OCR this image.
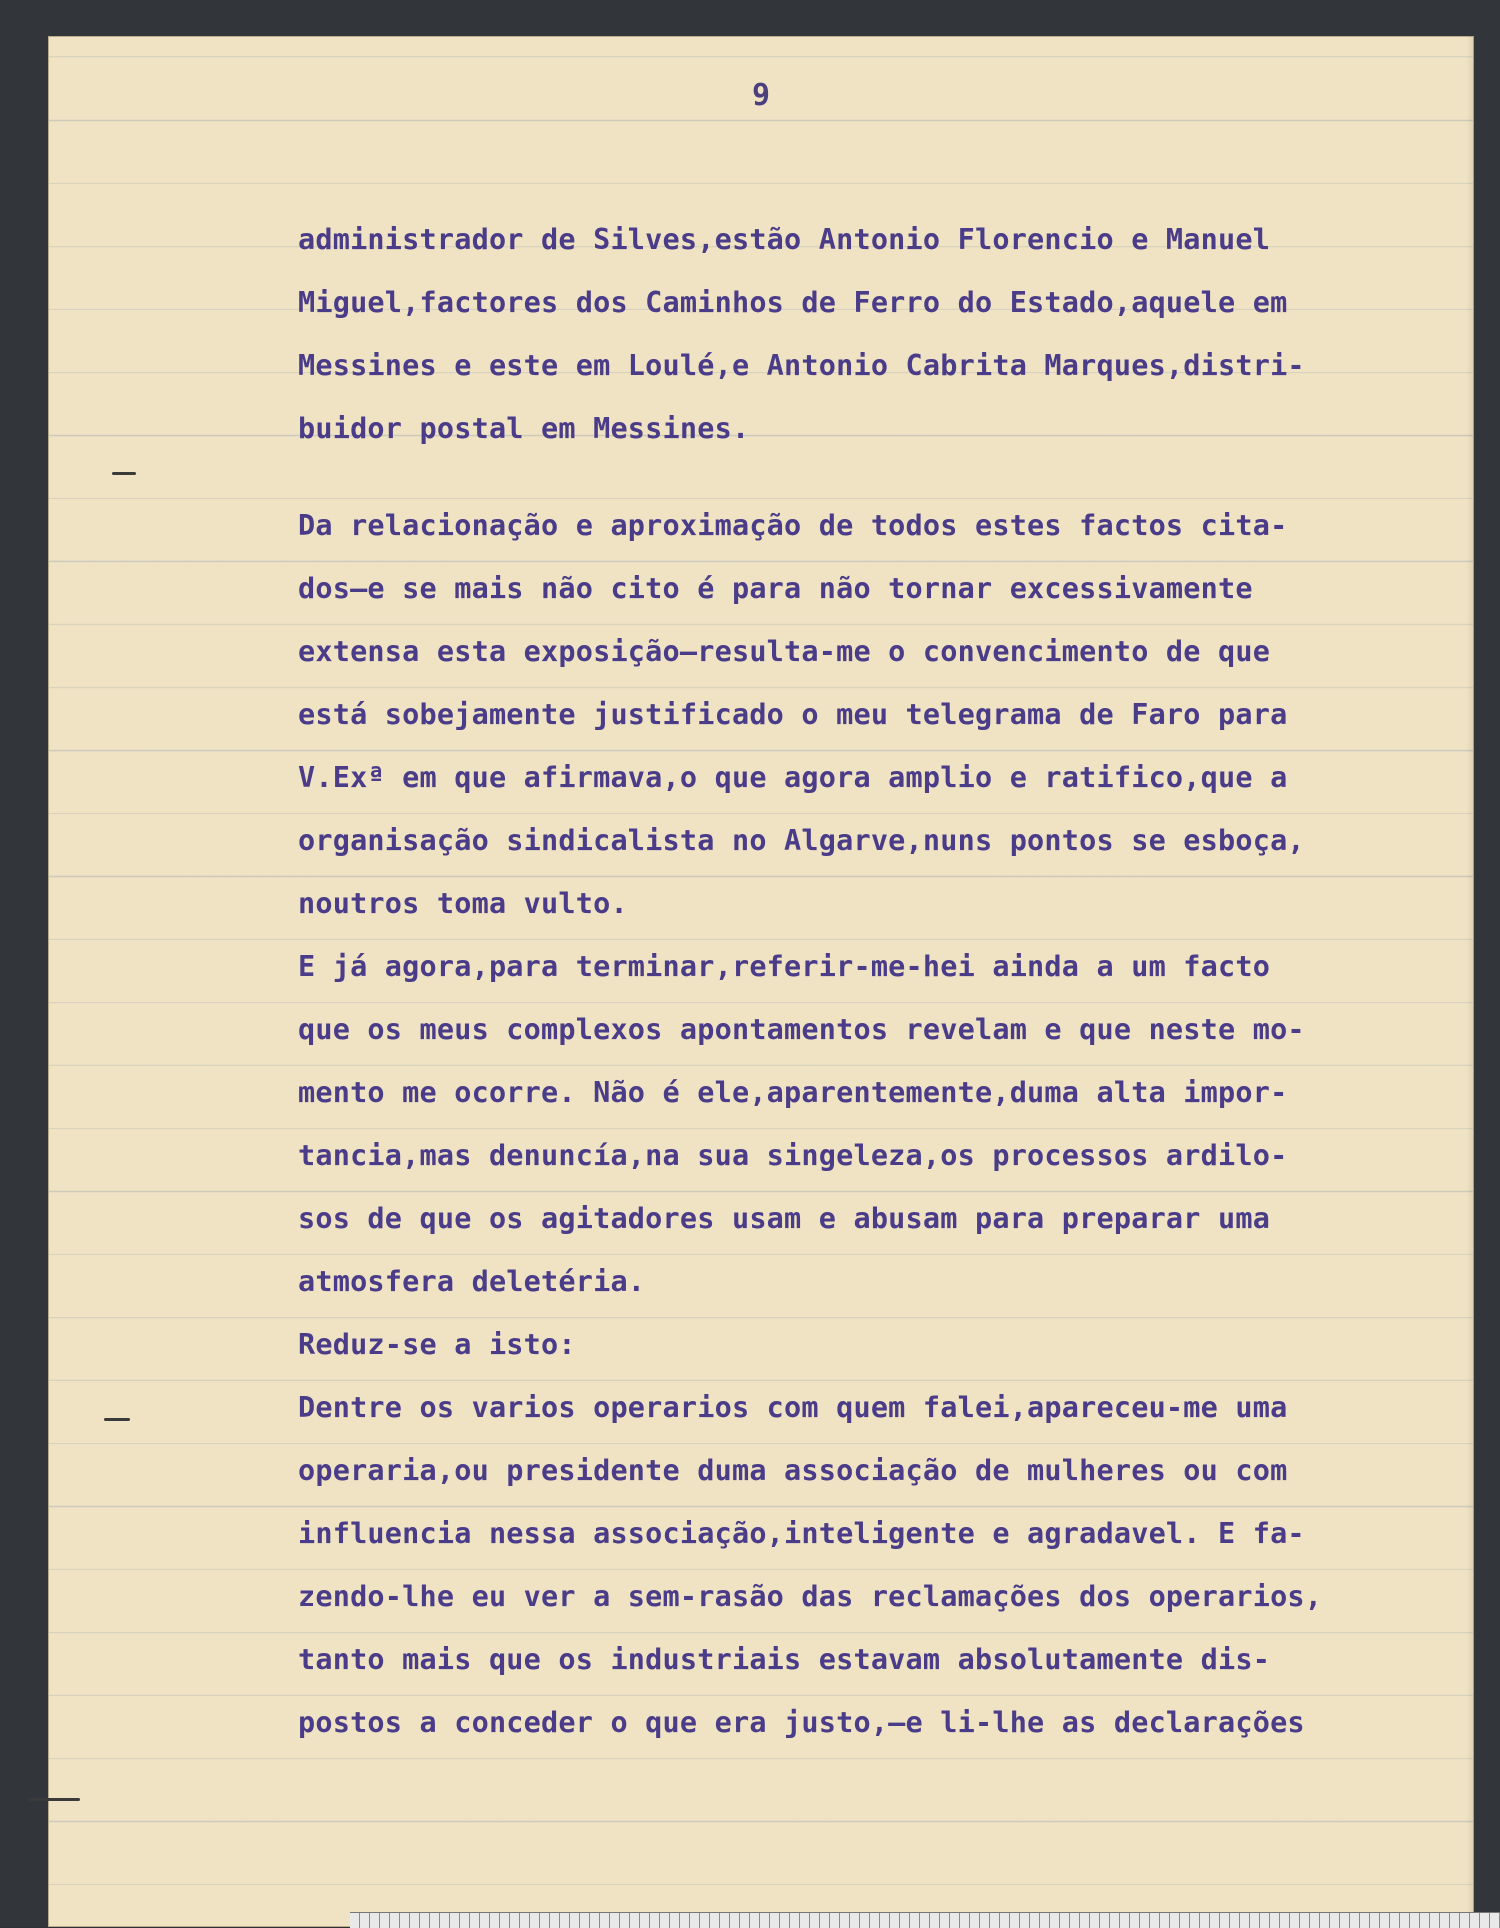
9
administrador de Silves,estão Antonio Florencio e Manuel
Miguel,factores dos Caminhos de Ferro do Estado,aquele em
Messines e este em Loulé,e Antonio Cabrita Marques,distri-
buidor postal em Messines.
Da relacionação e aproximação de todos estes factos cita-
dos—e se mais não cito é para não tornar excessivamente
extensa esta exposição—resulta-me o convencimento de que
está sobejamente justificado o meu telegrama de Faro para
V.Exª em que afirmava,o que agora amplio e ratifico,que a
organisação sindicalista no Algarve,nuns pontos se esboça,
noutros toma vulto.
E já agora,para terminar,referir-me-hei ainda a um facto
que os meus complexos apontamentos revelam e que neste mo-
mento me ocorre. Não é ele,aparentemente,duma alta impor-
tancia,mas denuncía,na sua singeleza,os processos ardilo-
sos de que os agitadores usam e abusam para preparar uma
atmosfera deletéria.
Reduz-se a isto:
Dentre os varios operarios com quem falei,apareceu-me uma
operaria,ou presidente duma associação de mulheres ou com
influencia nessa associação,inteligente e agradavel. E fa-
zendo-lhe eu ver a sem-rasão das reclamações dos operarios,
tanto mais que os industriais estavam absolutamente dis-
postos a conceder o que era justo,—e li-lhe as declarações
